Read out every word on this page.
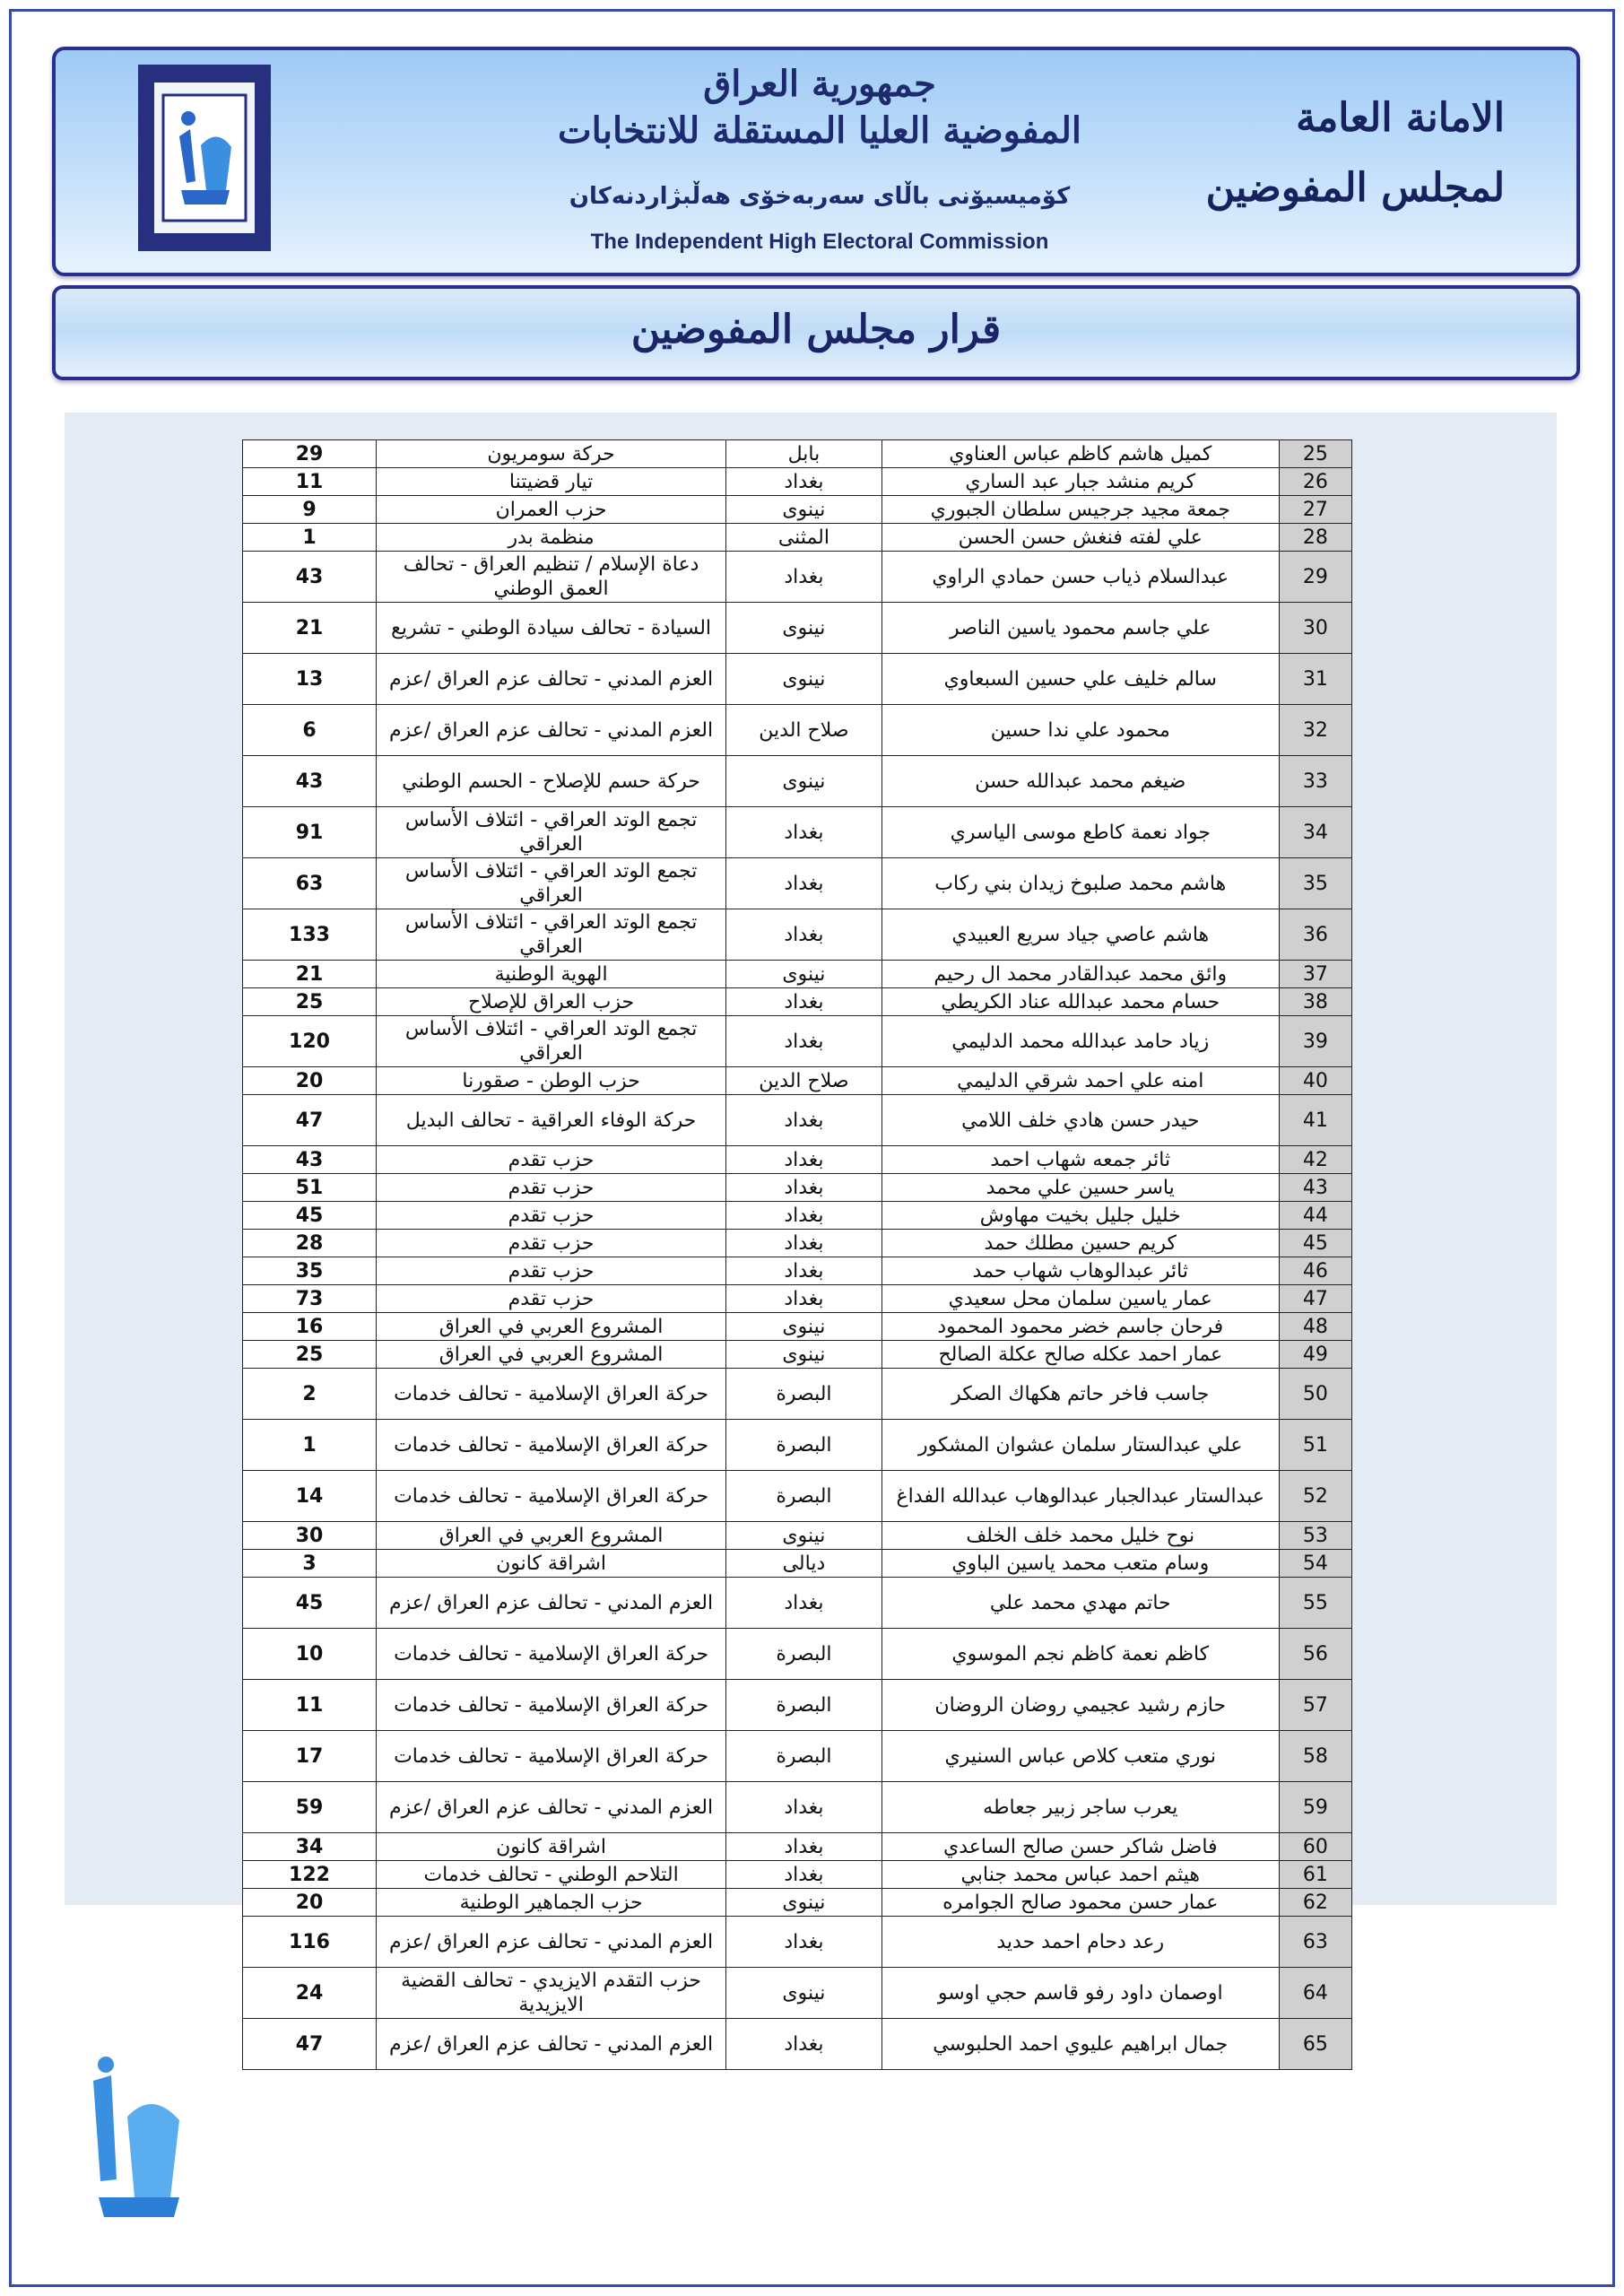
جمهورية العراق
المفوضية العليا المستقلة للانتخابات
كۆمیسیۆنی باڵای سەربەخۆی هەڵبژاردنەکان
The Independent High Electoral Commission
الامانة العامة
لمجلس المفوضين
قرار مجلس المفوضين
25	كميل هاشم كاظم عباس العناوي	بابل	حركة سومريون	29
26	كريم منشد جبار عبد الساري	بغداد	تيار قضيتنا	11
27	جمعة مجيد جرجيس سلطان الجبوري	نينوى	حزب العمران	9
28	علي لفته فنغش حسن الحسن	المثنى	منظمة بدر	1
29	عبدالسلام ذياب حسن حمادي الراوي	بغداد	دعاة الإسلام / تنظيم العراق - تحالف العمق الوطني	43
30	علي جاسم محمود ياسين الناصر	نينوى	السيادة - تحالف سيادة الوطني - تشريع	21
31	سالم خليف علي حسين السبعاوي	نينوى	العزم المدني - تحالف عزم العراق /عزم	13
32	محمود علي ندا حسين	صلاح الدين	العزم المدني - تحالف عزم العراق /عزم	6
33	ضيغم محمد عبدالله حسن	نينوى	حركة حسم للإصلاح - الحسم الوطني	43
34	جواد نعمة كاطع موسى الياسري	بغداد	تجمع الوتد العراقي - ائتلاف الأساس العراقي	91
35	هاشم محمد صلبوخ زيدان بني ركاب	بغداد	تجمع الوتد العراقي - ائتلاف الأساس العراقي	63
36	هاشم عاصي جياد سريع العبيدي	بغداد	تجمع الوتد العراقي - ائتلاف الأساس العراقي	133
37	وائق محمد عبدالقادر محمد ال رحيم	نينوى	الهوية الوطنية	21
38	حسام محمد عبدالله عناد الكريطي	بغداد	حزب العراق للإصلاح	25
39	زياد حامد عبدالله محمد الدليمي	بغداد	تجمع الوتد العراقي - ائتلاف الأساس العراقي	120
40	امنه علي احمد شرقي الدليمي	صلاح الدين	حزب الوطن - صقورنا	20
41	حيدر حسن هادي خلف اللامي	بغداد	حركة الوفاء العراقية - تحالف البديل	47
42	ثائر جمعه شهاب احمد	بغداد	حزب تقدم	43
43	ياسر حسين علي محمد	بغداد	حزب تقدم	51
44	خليل جليل بخيت مهاوش	بغداد	حزب تقدم	45
45	كريم حسين مطلك حمد	بغداد	حزب تقدم	28
46	ثائر عبدالوهاب شهاب حمد	بغداد	حزب تقدم	35
47	عمار ياسين سلمان محل سعيدي	بغداد	حزب تقدم	73
48	فرحان جاسم خضر محمود المحمود	نينوى	المشروع العربي في العراق	16
49	عمار احمد عكله صالح عكلة الصالح	نينوى	المشروع العربي في العراق	25
50	جاسب فاخر حاتم هكهاك الصكر	البصرة	حركة العراق الإسلامية - تحالف خدمات	2
51	علي عبدالستار سلمان عشوان المشكور	البصرة	حركة العراق الإسلامية - تحالف خدمات	1
52	عبدالستار عبدالجبار عبدالوهاب عبدالله الفداغ	البصرة	حركة العراق الإسلامية - تحالف خدمات	14
53	نوح خليل محمد خلف الخلف	نينوى	المشروع العربي في العراق	30
54	وسام متعب محمد ياسين الباوي	ديالى	اشراقة كانون	3
55	حاتم مهدي محمد علي	بغداد	العزم المدني - تحالف عزم العراق /عزم	45
56	كاظم نعمة كاظم نجم الموسوي	البصرة	حركة العراق الإسلامية - تحالف خدمات	10
57	حازم رشيد عجيمي روضان الروضان	البصرة	حركة العراق الإسلامية - تحالف خدمات	11
58	نوري متعب كلاص عباس السنيري	البصرة	حركة العراق الإسلامية - تحالف خدمات	17
59	يعرب ساجر زبير جعاطه	بغداد	العزم المدني - تحالف عزم العراق /عزم	59
60	فاضل شاكر حسن صالح الساعدي	بغداد	اشراقة كانون	34
61	هيثم احمد عباس محمد جنابي	بغداد	التلاحم الوطني - تحالف خدمات	122
62	عمار حسن محمود صالح الجوامره	نينوى	حزب الجماهير الوطنية	20
63	رعد دحام احمد حديد	بغداد	العزم المدني - تحالف عزم العراق /عزم	116
64	اوصمان داود رفو قاسم حجي اوسو	نينوى	حزب التقدم الايزيدي - تحالف القضية الايزيدية	24
65	جمال ابراهيم عليوي احمد الحلبوسي	بغداد	العزم المدني - تحالف عزم العراق /عزم	47
